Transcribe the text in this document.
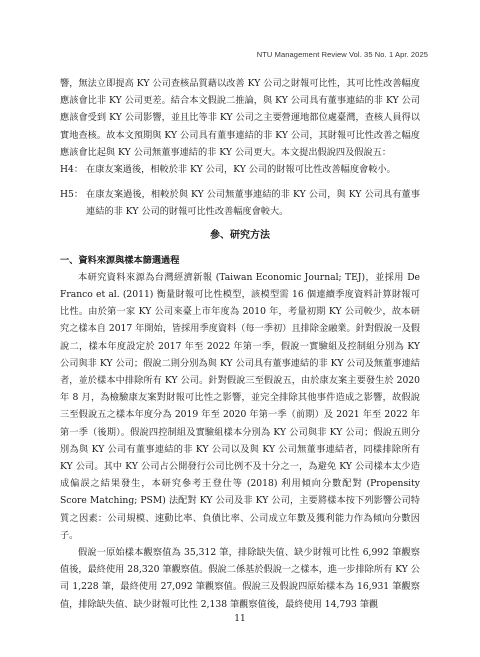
NTU Management Review Vol. 35 No. 1 Apr. 2025

響，無法立即提高 KY 公司查核品質藉以改善 KY 公司之財報可比性，其可比性改善幅度應該會比非 KY 公司更差。結合本文假說二推論，與 KY 公司具有董事連結的非 KY 公司應該會受到 KY 公司影響，並且比等非 KY 公司之主要營運地都位處臺灣，查核人員得以實地查核。故本文預期與 KY 公司具有董事連結的非 KY 公司，其財報可比性改善之幅度應該會比起與 KY 公司無董事連結的非 KY 公司更大。本文提出假說四及假說五：

H4： 在康友案過後，相較於非 KY 公司，KY 公司的財報可比性改善幅度會較小。
H5： 在康友案過後，相較於與 KY 公司無董事連結的非 KY 公司，與 KY 公司具有董事連結的非 KY 公司的財報可比性改善幅度會較大。
參、研究方法
一、資料來源與樣本篩選過程

本研究資料來源為台灣經濟新報 (Taiwan Economic Journal; TEJ)，並採用 De Franco et al. (2011) 衡量財報可比性模型，該模型需 16 個連續季度資料計算財報可比性。由於第一家 KY 公司來臺上市年度為 2010 年，考量初期 KY 公司較少，故本研究之樣本自 2017 年開始，皆採用季度資料（每一季初）且排除金融業。針對假說一及假說二，樣本年度設定於 2017 年至 2022 年第一季，假說一實驗組及控制組分別為 KY 公司與非 KY 公司；假說二則分別為與 KY 公司具有董事連結的非 KY 公司及無董事連結者，並於樣本中排除所有 KY 公司。針對假說三至假說五，由於康友案主要發生於 2020 年 8 月，為檢驗康友案對財報可比性之影響，並完全排除其他事件造成之影響，故假說三至假說五之樣本年度分為 2019 年至 2020 年第一季（前期）及 2021 年至 2022 年第一季（後期）。假說四控制組及實驗組樣本分別為 KY 公司與非 KY 公司；假說五則分別為與 KY 公司有董事連結的非 KY 公司以及與 KY 公司無董事連結者，同樣排除所有 KY 公司。其中 KY 公司占公開發行公司比例不及十分之一，為避免 KY 公司樣本太少造成偏誤之結果發生，本研究參考王登仕等 (2018) 利用傾向分數配對 (Propensity Score Matching; PSM) 法配對 KY 公司及非 KY 公司，主要將樣本按下列影響公司特質之因素：公司規模、速動比率、負債比率、公司成立年數及獲利能力作為傾向分數因子。

假說一原始樣本觀察值為 35,312 筆，排除缺失值、缺少財報可比性 6,992 筆觀察值後，最終使用 28,320 筆觀察值。假說二係基於假說一之樣本，進一步排除所有 KY 公司 1,228 筆，最終使用 27,092 筆觀察值。假說三及假說四原始樣本為 16,931 筆觀察值，排除缺失值、缺少財報可比性 2,138 筆觀察值後，最終使用 14,793 筆觀

11
